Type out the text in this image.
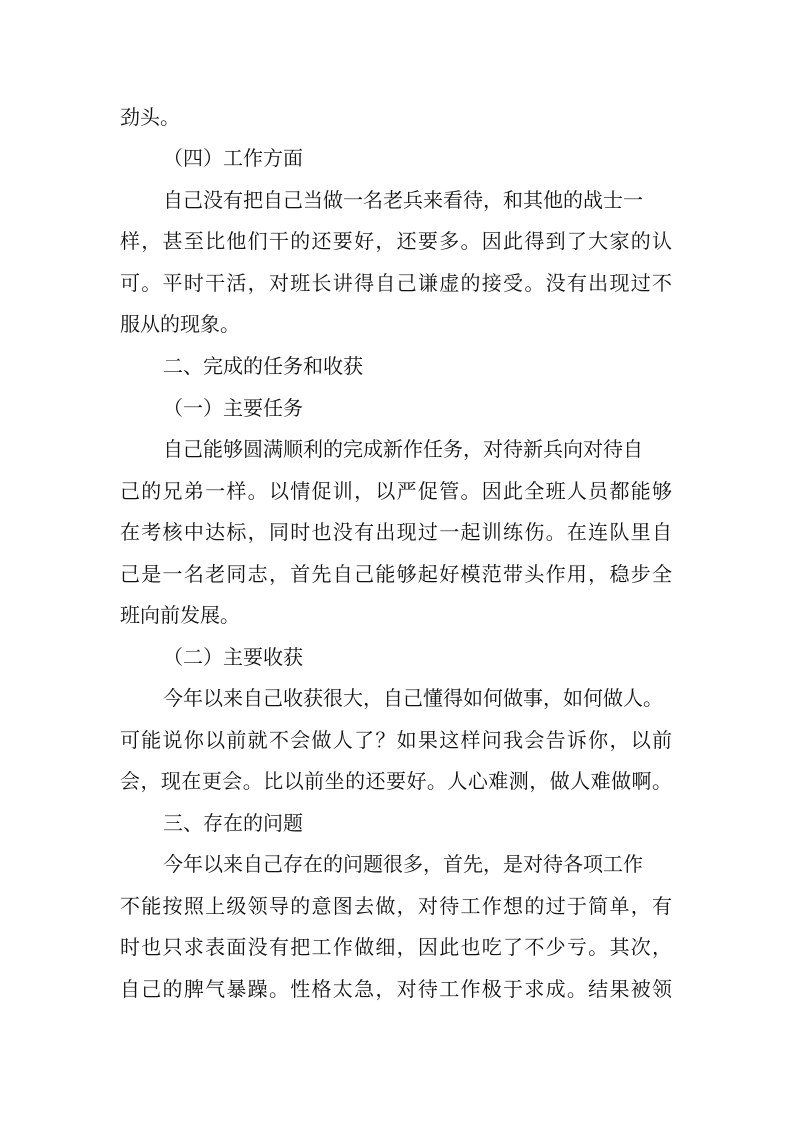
劲头。
（四）工作方面
自己没有把自己当做一名老兵来看待，和其他的战士一
样，甚至比他们干的还要好，还要多。因此得到了大家的认
可。平时干活，对班长讲得自己谦虚的接受。没有出现过不
服从的现象。
二、完成的任务和收获
（一）主要任务
自己能够圆满顺利的完成新作任务，对待新兵向对待自
己的兄弟一样。以情促训，以严促管。因此全班人员都能够
在考核中达标，同时也没有出现过一起训练伤。在连队里自
己是一名老同志，首先自己能够起好模范带头作用，稳步全
班向前发展。
（二）主要收获
今年以来自己收获很大，自己懂得如何做事，如何做人。
可能说你以前就不会做人了？如果这样问我会告诉你，以前
会，现在更会。比以前坐的还要好。人心难测，做人难做啊。
三、存在的问题
今年以来自己存在的问题很多，首先，是对待各项工作
不能按照上级领导的意图去做，对待工作想的过于简单，有
时也只求表面没有把工作做细，因此也吃了不少亏。其次，
自己的脾气暴躁。性格太急，对待工作极于求成。结果被领
